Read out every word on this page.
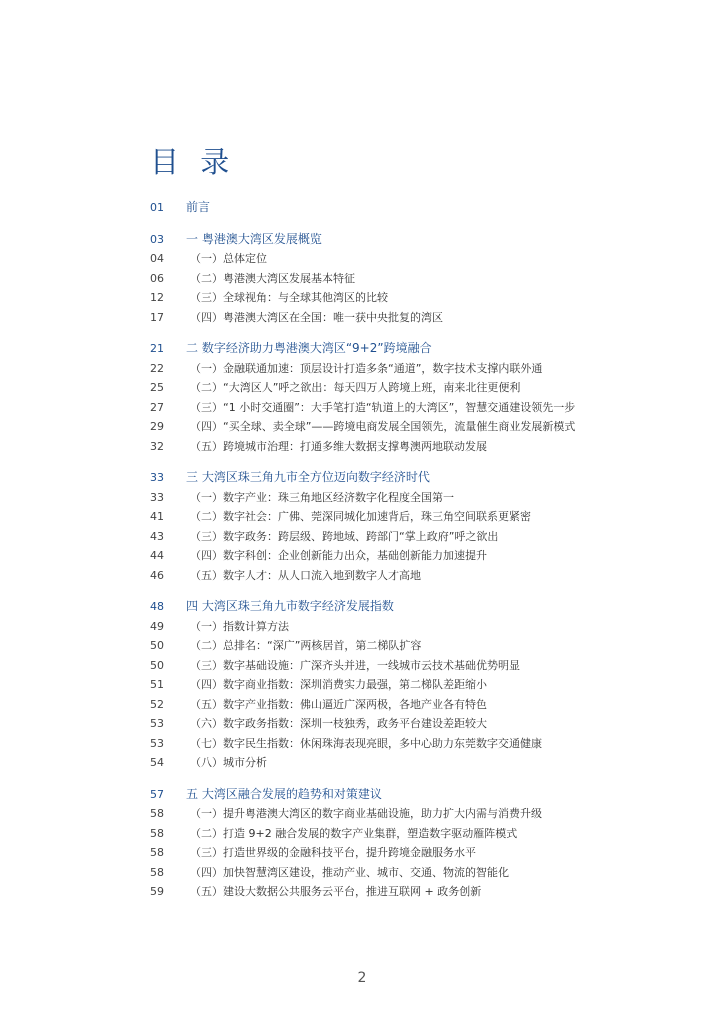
目 录
01	前言
03	一 粤港澳大湾区发展概览
04	（一）总体定位
06	（二）粤港澳大湾区发展基本特征
12	（三）全球视角：与全球其他湾区的比较
17	（四）粤港澳大湾区在全国：唯一获中央批复的湾区
21	二 数字经济助力粤港澳大湾区“9+2”跨境融合
22	（一）金融联通加速：顶层设计打造多条“通道”，数字技术支撑内联外通
25	（二）“大湾区人”呼之欲出：每天四万人跨境上班，南来北往更便利
27	（三）“1 小时交通圈”：大手笔打造“轨道上的大湾区”，智慧交通建设领先一步
29	（四）“买全球、卖全球”——跨境电商发展全国领先，流量催生商业发展新模式
32	（五）跨境城市治理：打通多维大数据支撑粤澳两地联动发展
33	三 大湾区珠三角九市全方位迈向数字经济时代
33	（一）数字产业：珠三角地区经济数字化程度全国第一
41	（二）数字社会：广佛、莞深同城化加速背后，珠三角空间联系更紧密
43	（三）数字政务：跨层级、跨地域、跨部门“掌上政府”呼之欲出
44	（四）数字科创：企业创新能力出众，基础创新能力加速提升
46	（五）数字人才：从人口流入地到数字人才高地
48	四 大湾区珠三角九市数字经济发展指数
49	（一）指数计算方法
50	（二）总排名：“深广”两核居首，第二梯队扩容
50	（三）数字基础设施：广深齐头并进，一线城市云技术基础优势明显
51	（四）数字商业指数：深圳消费实力最强，第二梯队差距缩小
52	（五）数字产业指数：佛山逼近广深两极，各地产业各有特色
53	（六）数字政务指数：深圳一枝独秀，政务平台建设差距较大
53	（七）数字民生指数：休闲珠海表现亮眼，多中心助力东莞数字交通健康
54	（八）城市分析
57	五 大湾区融合发展的趋势和对策建议
58	（一）提升粤港澳大湾区的数字商业基础设施，助力扩大内需与消费升级
58	（二）打造 9+2 融合发展的数字产业集群，塑造数字驱动雁阵模式
58	（三）打造世界级的金融科技平台，提升跨境金融服务水平
58	（四）加快智慧湾区建设，推动产业、城市、交通、物流的智能化
59	（五）建设大数据公共服务云平台，推进互联网 + 政务创新
2
